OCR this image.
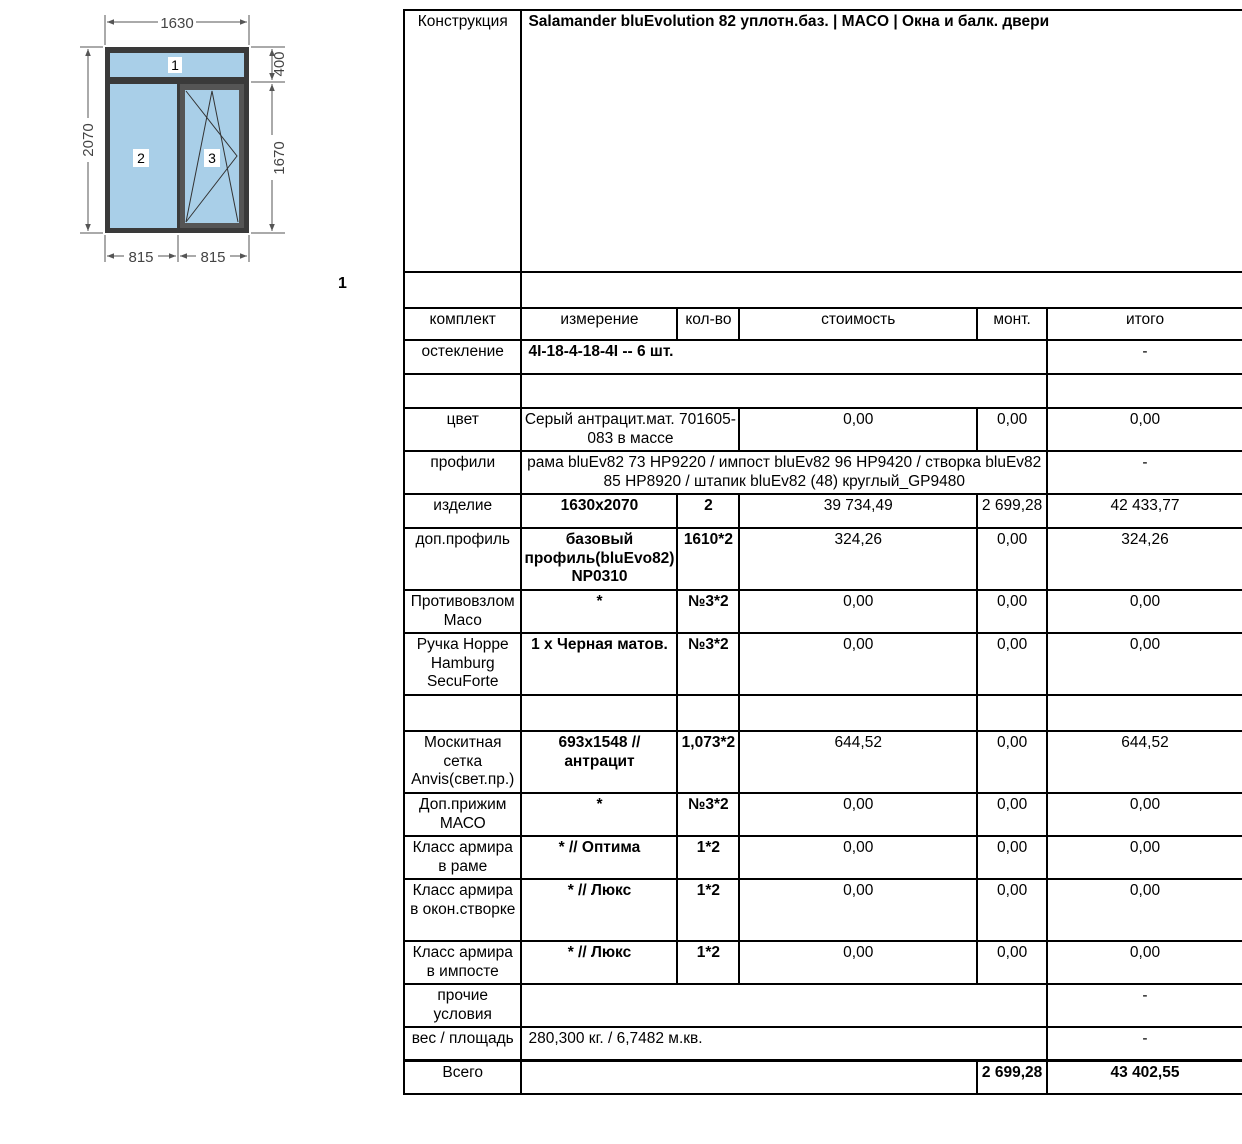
1
2	3
1630
2070
400
1670
815	815
1
Конструкция	Salamander bluEvolution 82 уплотн.баз. | MACO | Окна и балк. двери				

комплект	измерение	кол-во	стоимость	монт.	итого
остекление	4I-18-4-18-4I -- 6 шт.				-

цвет	Серый антрацит.мат. 701605-083 в массе		0,00	0,00	0,00
профили	рама bluEv82 73 HP9220 / импост bluEv82 96 HP9420 / створка bluEv82 85 HP8920 / штапик bluEv82 (48) круглый_GP9480				-
изделие	1630x2070	2	39 734,49	2 699,28	42 433,77
доп.профиль	базовый профиль(bluEvo82) NP0310	1610*2	324,26	0,00	324,26
Противовзлом Масо	*	№3*2	0,00	0,00	0,00
Ручка Hoppe Hamburg SecuForte	1 х Черная матов.	№3*2	0,00	0,00	0,00

Москитная сетка Anvis(свет.пр.)	693x1548 // антрацит	1,073*2	644,52	0,00	644,52
Доп.прижим МАСО	*	№3*2	0,00	0,00	0,00
Класс армира в раме	* // Оптима	1*2	0,00	0,00	0,00
Класс армира в окон.створке	* // Люкс	1*2	0,00	0,00	0,00
Класс армира в импосте	* // Люкс	1*2	0,00	0,00	0,00
прочие условия					-
вес / площадь	280,300 кг. / 6,7482 м.кв.				-
Всего				2 699,28	43 402,55
